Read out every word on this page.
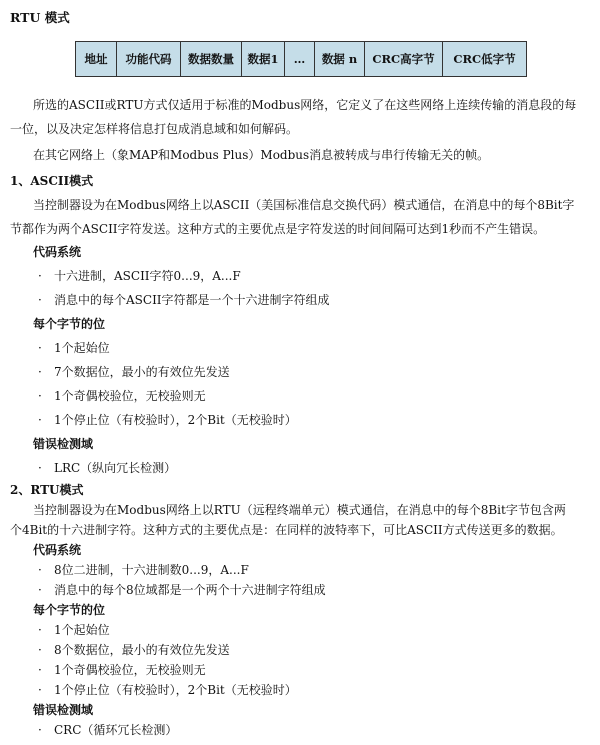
RTU 模式
地址	功能代码	数据数量	数据1	…	数据 n	CRC高字节	CRC低字节
所选的ASCII或RTU方式仅适用于标准的Modbus网络，它定义了在这些网络上连续传输的消息段的每
一位，以及决定怎样将信息打包成消息域和如何解码。
在其它网络上（象MAP和Modbus Plus）Modbus消息被转成与串行传输无关的帧。
1、ASCII模式
当控制器设为在Modbus网络上以ASCII（美国标准信息交换代码）模式通信，在消息中的每个8Bit字
节都作为两个ASCII字符发送。这种方式的主要优点是字符发送的时间间隔可达到1秒而不产生错误。
代码系统
· 十六进制，ASCII字符0...9，A...F
· 消息中的每个ASCII字符都是一个十六进制字符组成
每个字节的位
· 1个起始位
· 7个数据位，最小的有效位先发送
· 1个奇偶校验位，无校验则无
· 1个停止位（有校验时），2个Bit（无校验时）
错误检测域
· LRC（纵向冗长检测）
2、RTU模式
当控制器设为在Modbus网络上以RTU（远程终端单元）模式通信，在消息中的每个8Bit字节包含两
个4Bit的十六进制字符。这种方式的主要优点是：在同样的波特率下，可比ASCII方式传送更多的数据。
代码系统
· 8位二进制，十六进制数0...9，A...F
· 消息中的每个8位域都是一个两个十六进制字符组成
每个字节的位
· 1个起始位
· 8个数据位，最小的有效位先发送
· 1个奇偶校验位，无校验则无
· 1个停止位（有校验时），2个Bit（无校验时）
错误检测域
· CRC（循环冗长检测）
